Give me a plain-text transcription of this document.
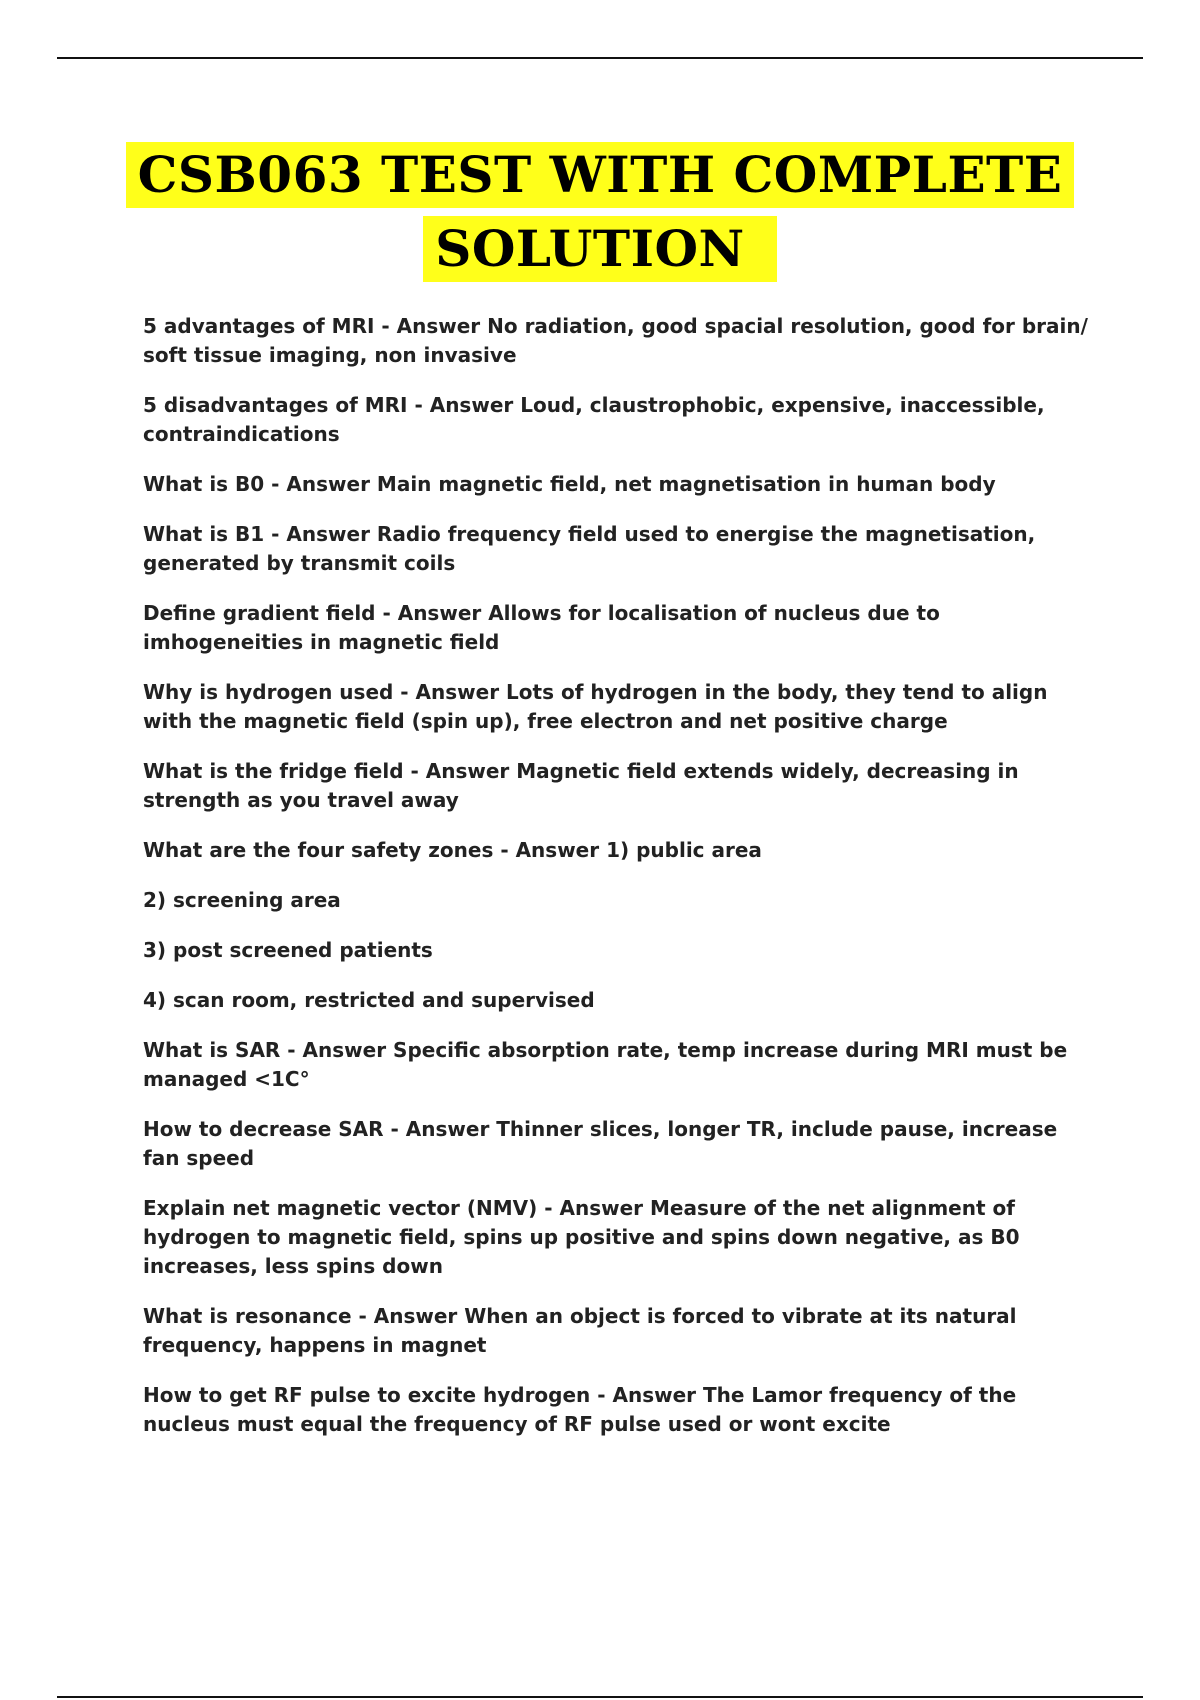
CSB063 TEST WITH COMPLETE
SOLUTION
5 advantages of MRI - Answer No radiation, good spacial resolution, good for brain/ soft tissue imaging, non invasive
5 disadvantages of MRI - Answer Loud, claustrophobic, expensive, inaccessible, contraindications
What is B0 - Answer Main magnetic field, net magnetisation in human body
What is B1 - Answer Radio frequency field used to energise the magnetisation, generated by transmit coils
Define gradient field - Answer Allows for localisation of nucleus due to imhogeneities in magnetic field
Why is hydrogen used - Answer Lots of hydrogen in the body, they tend to align with the magnetic field (spin up), free electron and net positive charge
What is the fridge field - Answer Magnetic field extends widely, decreasing in strength as you travel away
What are the four safety zones - Answer 1) public area
2) screening area
3) post screened patients
4) scan room, restricted and supervised
What is SAR - Answer Specific absorption rate, temp increase during MRI must be managed <1C°
How to decrease SAR - Answer Thinner slices, longer TR, include pause, increase fan speed
Explain net magnetic vector (NMV) - Answer Measure of the net alignment of hydrogen to magnetic field, spins up positive and spins down negative, as B0 increases, less spins down
What is resonance - Answer When an object is forced to vibrate at its natural frequency, happens in magnet
How to get RF pulse to excite hydrogen - Answer The Lamor frequency of the nucleus must equal the frequency of RF pulse used or wont excite
